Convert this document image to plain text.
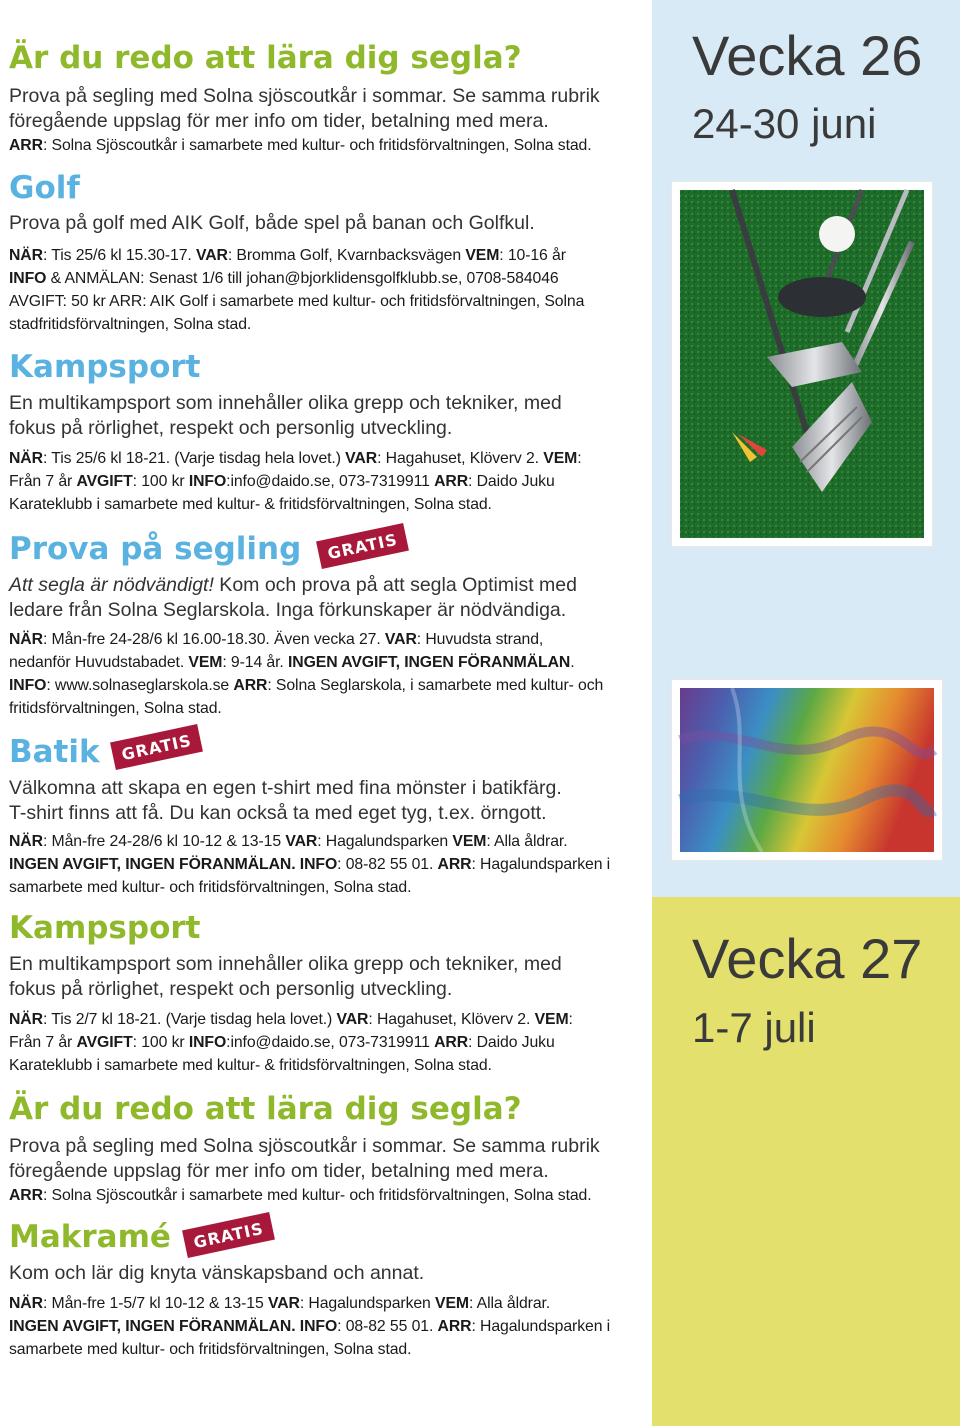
Är du redo att lära dig segla?

Prova på segling med Solna sjöscoutkår i sommar. Se samma rubrik
föregående uppslag för mer info om tider, betalning med mera.

ARR: Solna Sjöscoutkår i samarbete med kultur- och fritidsförvaltningen, Solna stad.

Golf

Prova på golf med AIK Golf, både spel på banan och Golfkul.

NÄR: Tis 25/6 kl 15.30-17. VAR: Bromma Golf, Kvarnbacksvägen VEM: 10-16 år
INFO & ANMÄLAN: Senast 1/6 till johan@bjorklidensgolfklubb.se, 0708-584046
AVGIFT: 50 kr ARR: AIK Golf i samarbete med kultur- och fritidsförvaltningen, Solna
stadfritidsförvaltningen, Solna stad.

Kampsport

En multikampsport som innehåller olika grepp och tekniker, med
fokus på rörlighet, respekt och personlig utveckling.

NÄR: Tis 25/6 kl 18-21. (Varje tisdag hela lovet.) VAR: Hagahuset, Klöverv 2. VEM:
Från 7 år AVGIFT: 100 kr INFO:info@daido.se, 073-7319911 ARR: Daido Juku
Karateklubb i samarbete med kultur- & fritidsförvaltningen, Solna stad.

Prova på segling

Att segla är nödvändigt! Kom och prova på att segla Optimist med
ledare från Solna Seglarskola. Inga förkunskaper är nödvändiga.

NÄR: Mån-fre 24-28/6 kl 16.00-18.30. Även vecka 27. VAR: Huvudsta strand,
nedanför Huvudstabadet. VEM: 9-14 år. INGEN AVGIFT, INGEN FÖRANMÄLAN.
INFO: www.solnaseglarskola.se ARR: Solna Seglarskola, i samarbete med kultur- och
fritidsförvaltningen, Solna stad.

GRATIS
Batik

Välkomna att skapa en egen t-shirt med fina mönster i batikfärg.
T-shirt finns att få. Du kan också ta med eget tyg, t.ex. örngott.

NÄR: Mån-fre 24-28/6 kl 10-12 & 13-15 VAR: Hagalundsparken VEM: Alla åldrar.
INGEN AVGIFT, INGEN FÖRANMÄLAN. INFO: 08-82 55 01. ARR: Hagalundsparken i
samarbete med kultur- och fritidsförvaltningen, Solna stad.

GRATIS
Kampsport

En multikampsport som innehåller olika grepp och tekniker, med
fokus på rörlighet, respekt och personlig utveckling.

NÄR: Tis 2/7 kl 18-21. (Varje tisdag hela lovet.) VAR: Hagahuset, Klöverv 2. VEM:
Från 7 år AVGIFT: 100 kr INFO:info@daido.se, 073-7319911 ARR: Daido Juku
Karateklubb i samarbete med kultur- & fritidsförvaltningen, Solna stad.

Är du redo att lära dig segla?

Prova på segling med Solna sjöscoutkår i sommar. Se samma rubrik
föregående uppslag för mer info om tider, betalning med mera.

ARR: Solna Sjöscoutkår i samarbete med kultur- och fritidsförvaltningen, Solna stad.

Makramé

Kom och lär dig knyta vänskapsband och annat.

NÄR: Mån-fre 1-5/7 kl 10-12 & 13-15 VAR: Hagalundsparken VEM: Alla åldrar.
INGEN AVGIFT, INGEN FÖRANMÄLAN. INFO: 08-82 55 01. ARR: Hagalundsparken i
samarbete med kultur- och fritidsförvaltningen, Solna stad.

GRATIS
Vecka 26
24-30 juni
Vecka 27
1-7 juli
